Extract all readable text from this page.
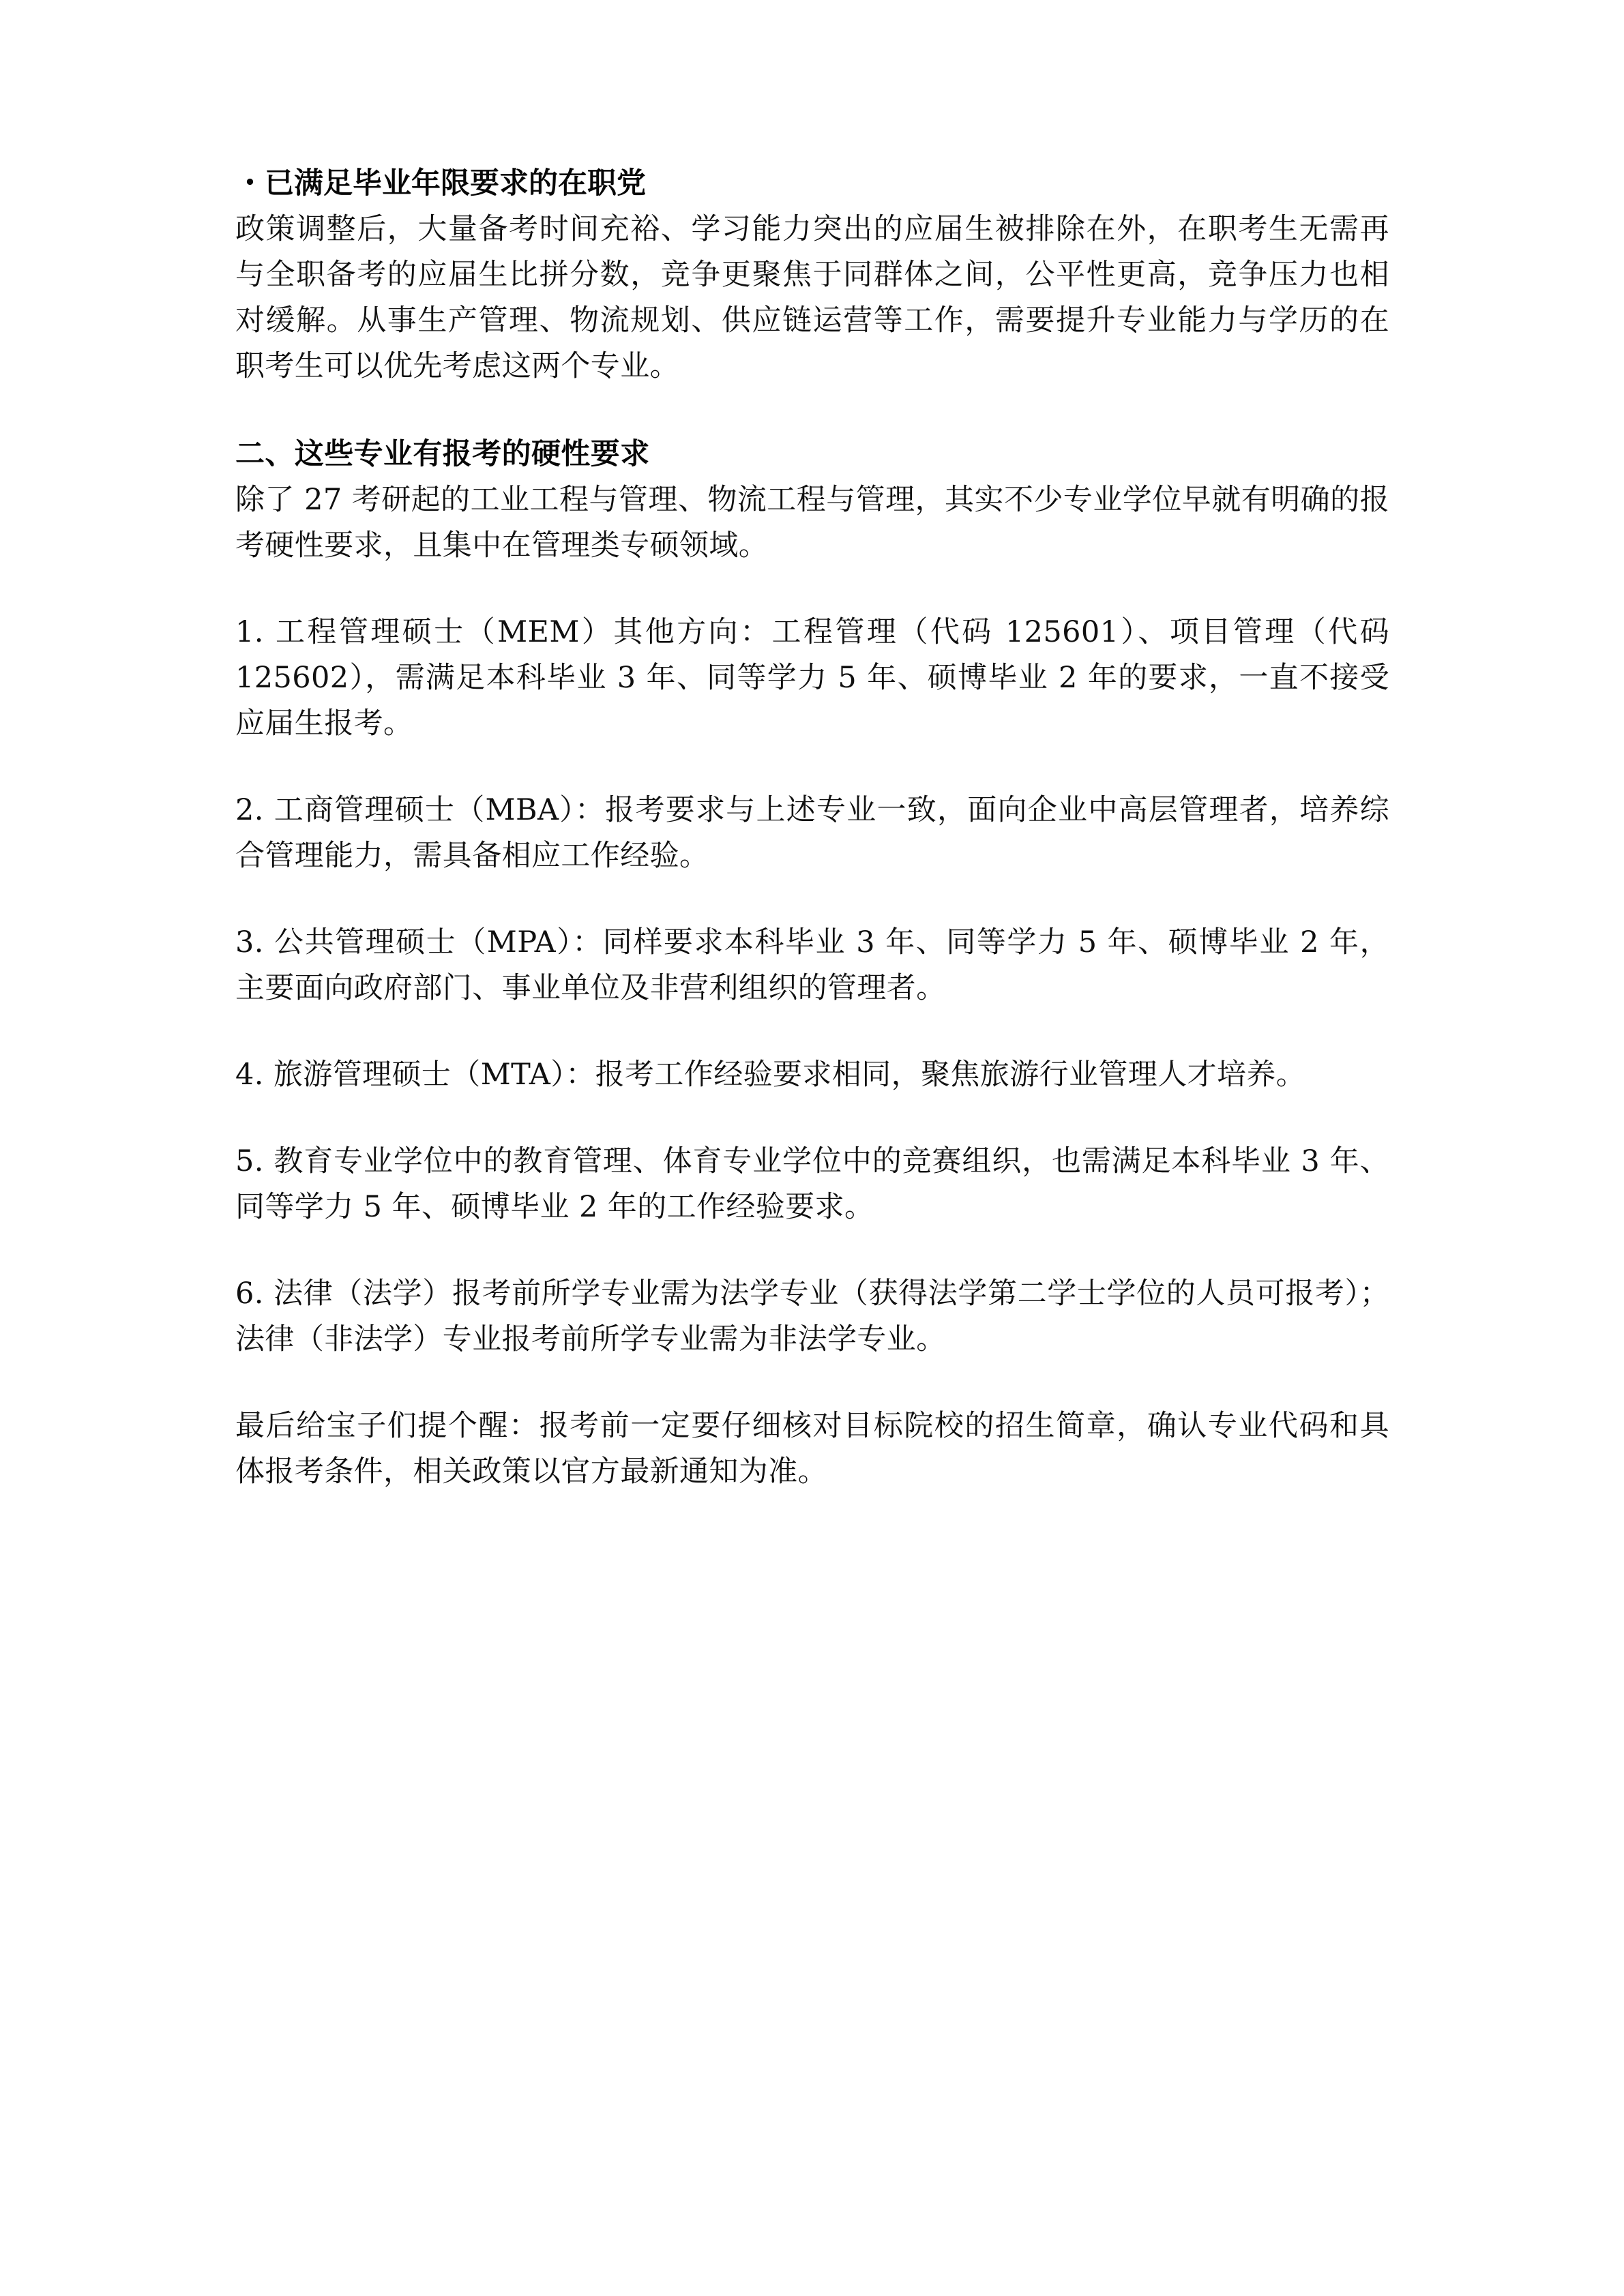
・已满足毕业年限要求的在职党

政策调整后，大量备考时间充裕、学习能力突出的应届生被排除在外，在职考生无需再与全职备考的应届生比拼分数，竞争更聚焦于同群体之间，公平性更高，竞争压力也相对缓解。从事生产管理、物流规划、供应链运营等工作，需要提升专业能力与学历的在职考生可以优先考虑这两个专业。

二、这些专业有报考的硬性要求

除了 27 考研起的工业工程与管理、物流工程与管理，其实不少专业学位早就有明确的报考硬性要求，且集中在管理类专硕领域。

1. 工程管理硕士（MEM）其他方向：工程管理（代码 125601）、项目管理（代码 125602），需满足本科毕业 3 年、同等学力 5 年、硕博毕业 2 年的要求，一直不接受应届生报考。

2. 工商管理硕士（MBA）：报考要求与上述专业一致，面向企业中高层管理者，培养综合管理能力，需具备相应工作经验。

3. 公共管理硕士（MPA）：同样要求本科毕业 3 年、同等学力 5 年、硕博毕业 2 年，主要面向政府部门、事业单位及非营利组织的管理者。

4. 旅游管理硕士（MTA）：报考工作经验要求相同，聚焦旅游行业管理人才培养。

5. 教育专业学位中的教育管理、体育专业学位中的竞赛组织，也需满足本科毕业 3 年、同等学力 5 年、硕博毕业 2 年的工作经验要求。

6. 法律（法学）报考前所学专业需为法学专业（获得法学第二学士学位的人员可报考）；法律（非法学）专业报考前所学专业需为非法学专业。

最后给宝子们提个醒：报考前一定要仔细核对目标院校的招生简章，确认专业代码和具体报考条件，相关政策以官方最新通知为准。
